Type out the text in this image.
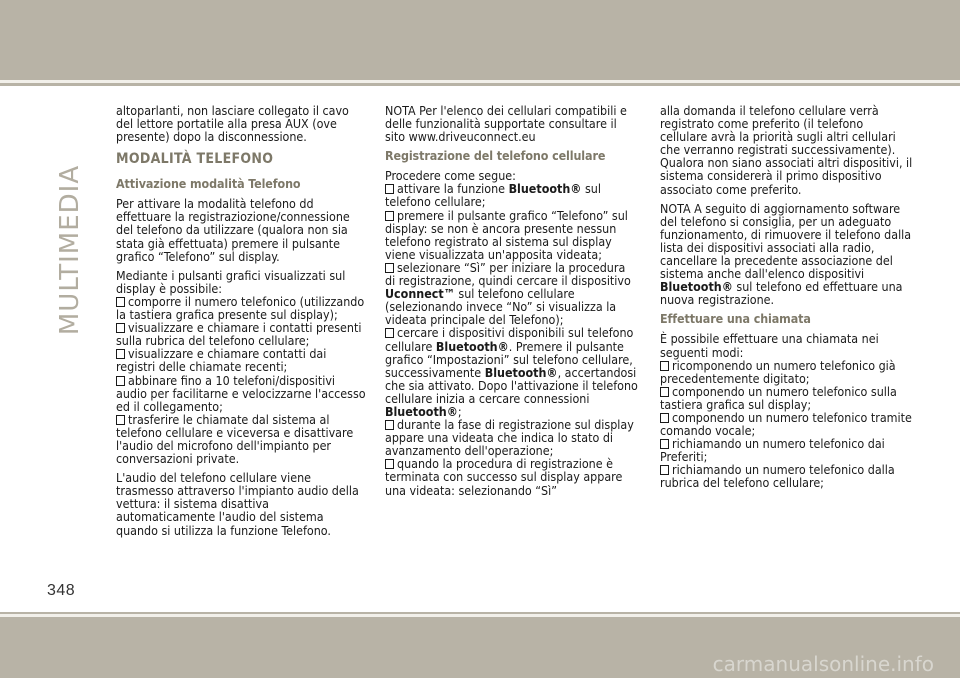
MULTIMEDIA

altoparlanti, non lasciare collegato il cavo del lettore portatile alla presa AUX (ove presente) dopo la disconnessione.

MODALITÀ TELEFONO
Attivazione modalità Telefono

Per attivare la modalità telefono dd effettuare la registraziozione/connessione del telefono da utilizzare (qualora non sia stata già effettuata) premere il pulsante grafico “Telefono” sul display.

Mediante i pulsanti grafici visualizzati sul display è possibile:

comporre il numero telefonico (utilizzando la tastiera grafica presente sul display);
visualizzare e chiamare i contatti presenti sulla rubrica del telefono cellulare;
visualizzare e chiamare contatti dai registri delle chiamate recenti;
abbinare fino a 10 telefoni/dispositivi audio per facilitarne e velocizzarne l'accesso ed il collegamento;
trasferire le chiamate dal sistema al telefono cellulare e viceversa e disattivare l'audio del microfono dell'impianto per conversazioni private.

L'audio del telefono cellulare viene trasmesso attraverso l'impianto audio della vettura: il sistema disattiva automaticamente l'audio del sistema quando si utilizza la funzione Telefono.

NOTA Per l'elenco dei cellulari compatibili e delle funzionalità supportate consultare il sito www.driveuconnect.eu

Registrazione del telefono cellulare

Procedere come segue:

attivare la funzione Bluetooth® sul telefono cellulare;
premere il pulsante grafico “Telefono” sul display: se non è ancora presente nessun telefono registrato al sistema sul display viene visualizzata un'apposita videata;
selezionare “Sì” per iniziare la procedura di registrazione, quindi cercare il dispositivo Uconnect™ sul telefono cellulare (selezionando invece “No” si visualizza la videata principale del Telefono);
cercare i dispositivi disponibili sul telefono cellulare Bluetooth®. Premere il pulsante grafico “Impostazioni” sul telefono cellulare, successivamente Bluetooth®, accertandosi che sia attivato. Dopo l'attivazione il telefono cellulare inizia a cercare connessioni Bluetooth®;
durante la fase di registrazione sul display appare una videata che indica lo stato di avanzamento dell'operazione;
quando la procedura di registrazione è terminata con successo sul display appare una videata: selezionando “Sì”

alla domanda il telefono cellulare verrà registrato come preferito (il telefono cellulare avrà la priorità sugli altri cellulari che verranno registrati successivamente). Qualora non siano associati altri dispositivi, il sistema considererà il primo dispositivo associato come preferito.

NOTA A seguito di aggiornamento software del telefono si consiglia, per un adeguato funzionamento, di rimuovere il telefono dalla lista dei dispositivi associati alla radio, cancellare la precedente associazione del sistema anche dall'elenco dispositivi Bluetooth® sul telefono ed effettuare una nuova registrazione.

Effettuare una chiamata

È possibile effettuare una chiamata nei seguenti modi:

ricomponendo un numero telefonico già precedentemente digitato;
componendo un numero telefonico sulla tastiera grafica sul display;
componendo un numero telefonico tramite comando vocale;
richiamando un numero telefonico dai Preferiti;
richiamando un numero telefonico dalla rubrica del telefono cellulare;
348
carmanualsonline.info
